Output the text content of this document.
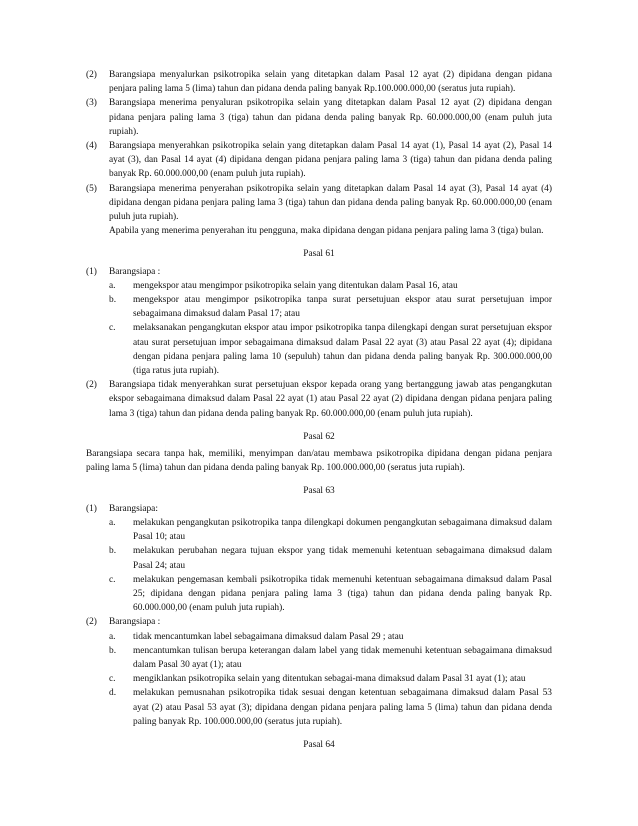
(2)	Barangsiapa menyalurkan psikotropika selain yang ditetapkan dalam Pasal 12 ayat (2) dipidana dengan pidana penjara paling lama 5 (lima) tahun dan pidana denda paling banyak Rp.100.000.000,00 (seratus juta rupiah).
(3)	Barangsiapa menerima penyaluran psikotropika selain yang ditetapkan dalam Pasal 12 ayat (2) dipidana dengan pidana penjara paling lama 3 (tiga) tahun dan pidana denda paling banyak Rp. 60.000.000,00 (enam puluh juta rupiah).
(4)	Barangsiapa menyerahkan psikotropika selain yang ditetapkan dalam Pasal 14 ayat (1), Pasal 14 ayat (2), Pasal 14 ayat (3), dan Pasal 14 ayat (4) dipidana dengan pidana penjara paling lama 3 (tiga) tahun dan pidana denda paling banyak Rp. 60.000.000,00 (enam puluh juta rupiah).
(5)	Barangsiapa menerima penyerahan psikotropika selain yang ditetapkan dalam Pasal 14 ayat (3), Pasal 14 ayat (4) dipidana dengan pidana penjara paling lama 3 (tiga) tahun dan pidana denda paling banyak Rp. 60.000.000,00 (enam puluh juta rupiah).
Apabila yang menerima penyerahan itu pengguna, maka dipidana dengan pidana penjara paling lama 3 (tiga) bulan.
Pasal 61
(1)	Barangsiapa :
a.	mengekspor atau mengimpor psikotropika selain yang ditentukan dalam Pasal 16, atau
b.	mengekspor atau mengimpor psikotropika tanpa surat persetujuan ekspor atau surat persetujuan impor sebagaimana dimaksud dalam Pasal 17; atau
c.	melaksanakan pengangkutan ekspor atau impor psikotropika tanpa dilengkapi dengan surat persetujuan ekspor atau surat persetujuan impor sebagaimana dimaksud dalam Pasal 22 ayat (3) atau Pasal 22 ayat (4); dipidana dengan pidana penjara paling lama 10 (sepuluh) tahun dan pidana denda paling banyak Rp. 300.000.000,00 (tiga ratus juta rupiah).
(2)	Barangsiapa tidak menyerahkan surat persetujuan ekspor kepada orang yang bertanggung jawab atas pengangkutan ekspor sebagaimana dimaksud dalam Pasal 22 ayat (1) atau Pasal 22 ayat (2) dipidana dengan pidana penjara paling lama 3 (tiga) tahun dan pidana denda paling banyak Rp. 60.000.000,00 (enam puluh juta rupiah).
Pasal 62
Barangsiapa secara tanpa hak, memiliki, menyimpan dan/atau membawa psikotropika dipidana dengan pidana penjara paling lama 5 (lima) tahun dan pidana denda paling banyak Rp. 100.000.000,00 (seratus juta rupiah).
Pasal 63
(1)	Barangsiapa:
a.	melakukan pengangkutan psikotropika tanpa dilengkapi dokumen pengangkutan sebagaimana dimaksud dalam Pasal 10; atau
b.	melakukan perubahan negara tujuan ekspor yang tidak memenuhi ketentuan sebagaimana dimaksud dalam Pasal 24; atau
c.	melakukan pengemasan kembali psikotropika tidak memenuhi ketentuan sebagaimana dimaksud dalam Pasal 25; dipidana dengan pidana penjara paling lama 3 (tiga) tahun dan pidana denda paling banyak Rp. 60.000.000,00 (enam puluh juta rupiah).
(2)	Barangsiapa :
a.	tidak mencantumkan label sebagaimana dimaksud dalam Pasal 29 ; atau
b.	mencantumkan tulisan berupa keterangan dalam label yang tidak memenuhi ketentuan sebagaimana dimaksud dalam Pasal 30 ayat (1); atau
c.	mengiklankan psikotropika selain yang ditentukan sebagai-mana dimaksud dalam Pasal 31 ayat (1); atau
d.	melakukan pemusnahan psikotropika tidak sesuai dengan ketentuan sebagaimana dimaksud dalam Pasal 53 ayat (2) atau Pasal 53 ayat (3); dipidana dengan pidana penjara paling lama 5 (lima) tahun dan pidana denda paling banyak Rp. 100.000.000,00 (seratus juta rupiah).
Pasal 64
